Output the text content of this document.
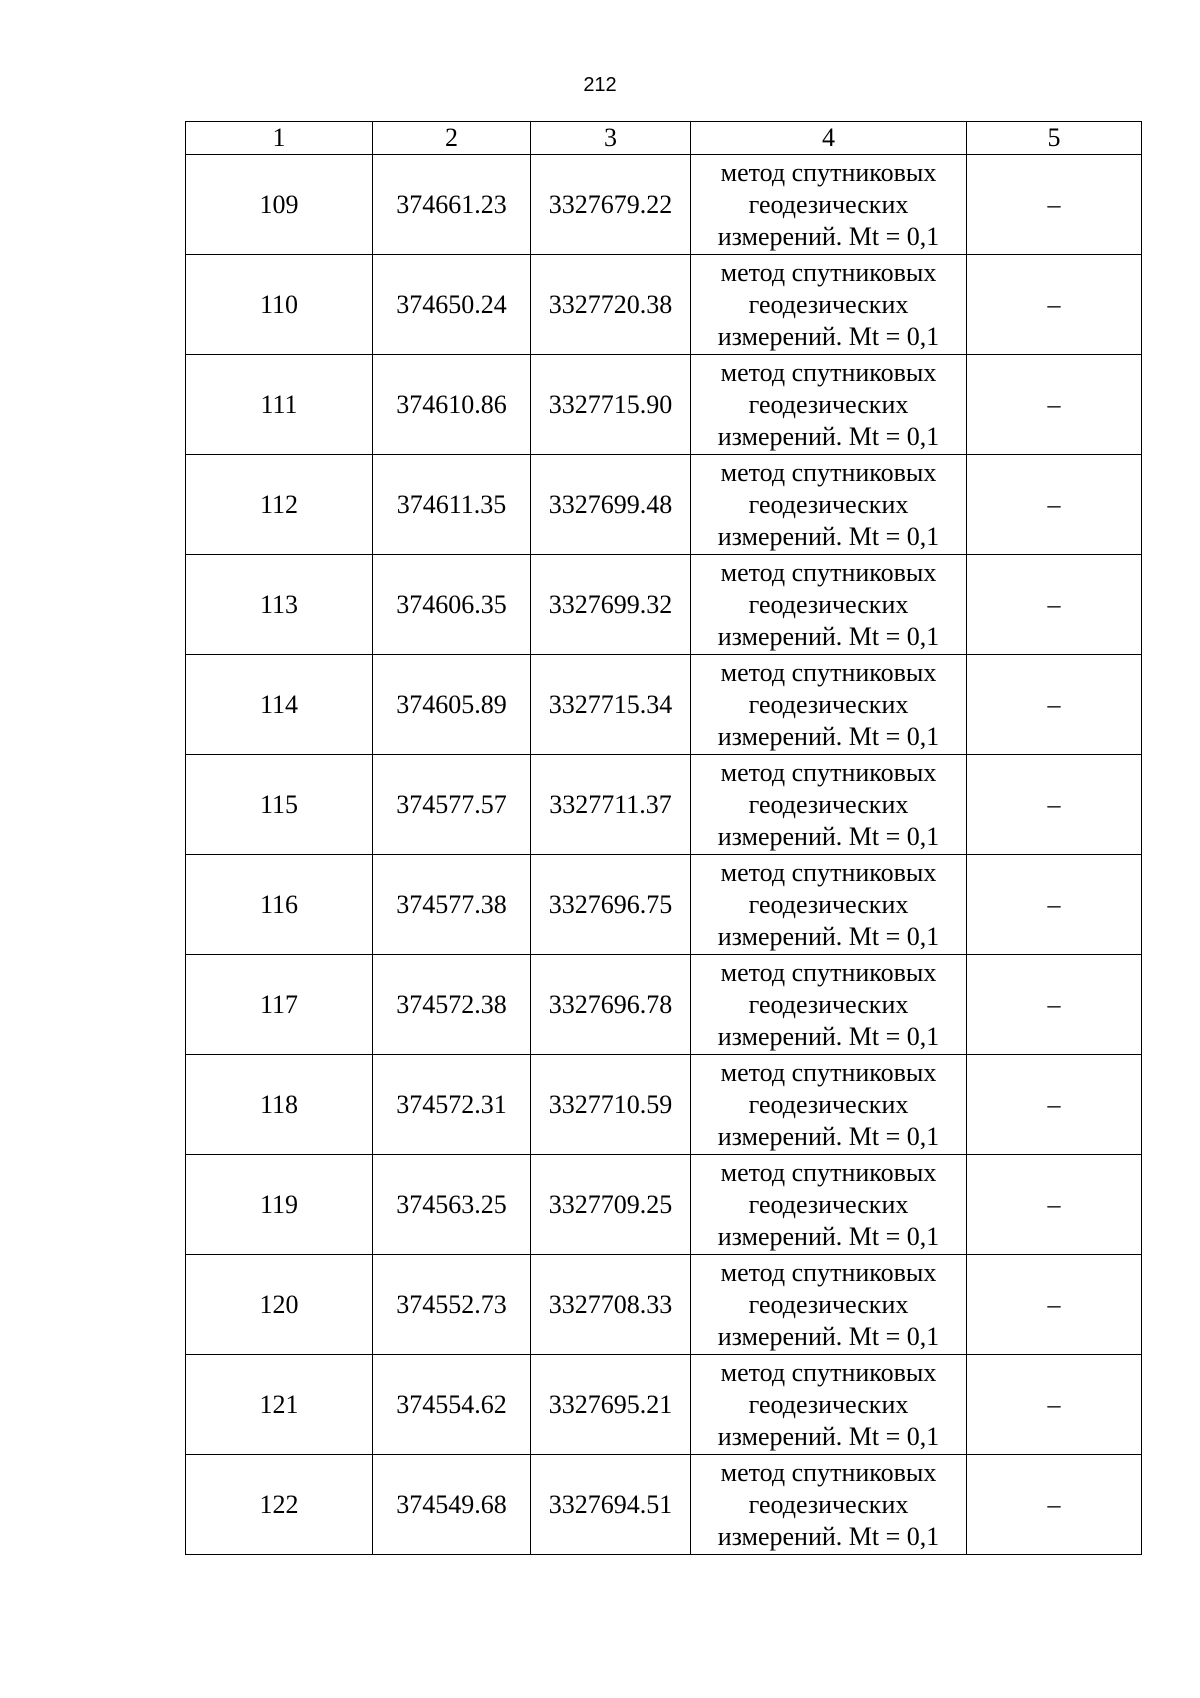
212
1	2	3	4	5
109	374661.23	3327679.22	метод спутниковых
геодезических
измерений. Mt = 0,1	–
110	374650.24	3327720.38	метод спутниковых
геодезических
измерений. Mt = 0,1	–
111	374610.86	3327715.90	метод спутниковых
геодезических
измерений. Mt = 0,1	–
112	374611.35	3327699.48	метод спутниковых
геодезических
измерений. Mt = 0,1	–
113	374606.35	3327699.32	метод спутниковых
геодезических
измерений. Mt = 0,1	–
114	374605.89	3327715.34	метод спутниковых
геодезических
измерений. Mt = 0,1	–
115	374577.57	3327711.37	метод спутниковых
геодезических
измерений. Mt = 0,1	–
116	374577.38	3327696.75	метод спутниковых
геодезических
измерений. Mt = 0,1	–
117	374572.38	3327696.78	метод спутниковых
геодезических
измерений. Mt = 0,1	–
118	374572.31	3327710.59	метод спутниковых
геодезических
измерений. Mt = 0,1	–
119	374563.25	3327709.25	метод спутниковых
геодезических
измерений. Mt = 0,1	–
120	374552.73	3327708.33	метод спутниковых
геодезических
измерений. Mt = 0,1	–
121	374554.62	3327695.21	метод спутниковых
геодезических
измерений. Mt = 0,1	–
122	374549.68	3327694.51	метод спутниковых
геодезических
измерений. Mt = 0,1	–
